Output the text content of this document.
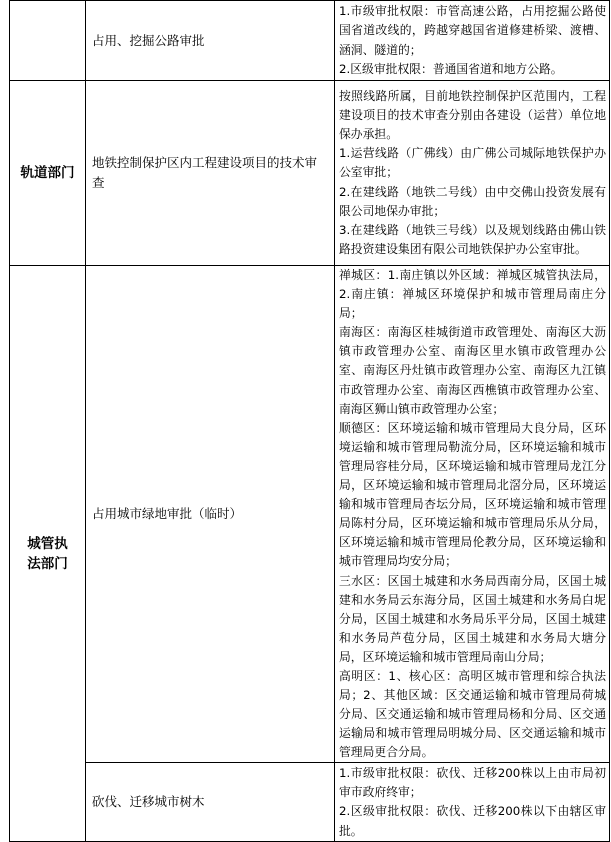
	占用、挖掘公路审批	1.市级审批权限：市管高速公路，占用挖掘公路使国省道改线的，跨越穿越国省道修建桥梁、渡槽、涵洞、隧道的；

2.区级审批权限：普通国省道和地方公路。

轨道部门	地铁控制保护区内工程建设项目的技术审查	按照线路所属，目前地铁控制保护区范围内，工程建设项目的技术审查分别由各建设（运营）单位地保办承担。

1.运营线路（广佛线）由广佛公司城际地铁保护办公室审批；

2.在建线路（地铁二号线）由中交佛山投资发展有限公司地保办审批；

3.在建线路（地铁三号线）以及规划线路由佛山铁路投资建设集团有限公司地铁保护办公室审批。

城管执法部门	占用城市绿地审批（临时）	禅城区：1.南庄镇以外区域：禅城区城管执法局，2.南庄镇：禅城区环境保护和城市管理局南庄分局；

南海区：南海区桂城街道市政管理处、南海区大沥镇市政管理办公室、南海区里水镇市政管理办公室、南海区丹灶镇市政管理办公室、南海区九江镇市政管理办公室、南海区西樵镇市政管理办公室、南海区狮山镇市政管理办公室；

顺德区：区环境运输和城市管理局大良分局，区环境运输和城市管理局勒流分局，区环境运输和城市管理局容桂分局，区环境运输和城市管理局龙江分局，区环境运输和城市管理局北滘分局，区环境运输和城市管理局杏坛分局，区环境运输和城市管理局陈村分局，区环境运输和城市管理局乐从分局，区环境运输和城市管理局伦教分局，区环境运输和城市管理局均安分局；

三水区：区国土城建和水务局西南分局，区国土城建和水务局云东海分局，区国土城建和水务局白坭分局，区国土城建和水务局乐平分局，区国土城建和水务局芦苞分局，区国土城建和水务局大塘分局，区环境运输和城市管理局南山分局；

高明区：1、核心区：高明区城市管理和综合执法局；2、其他区域：区交通运输和城市管理局荷城分局、区交通运输和城市管理局杨和分局、区交通运输局和城市管理局明城分局、区交通运输和城市管理局更合分局。

	砍伐、迁移城市树木	1.市级审批权限：砍伐、迁移200株以上由市局初审市政府终审；

2.区级审批权限：砍伐、迁移200株以下由辖区审批。
